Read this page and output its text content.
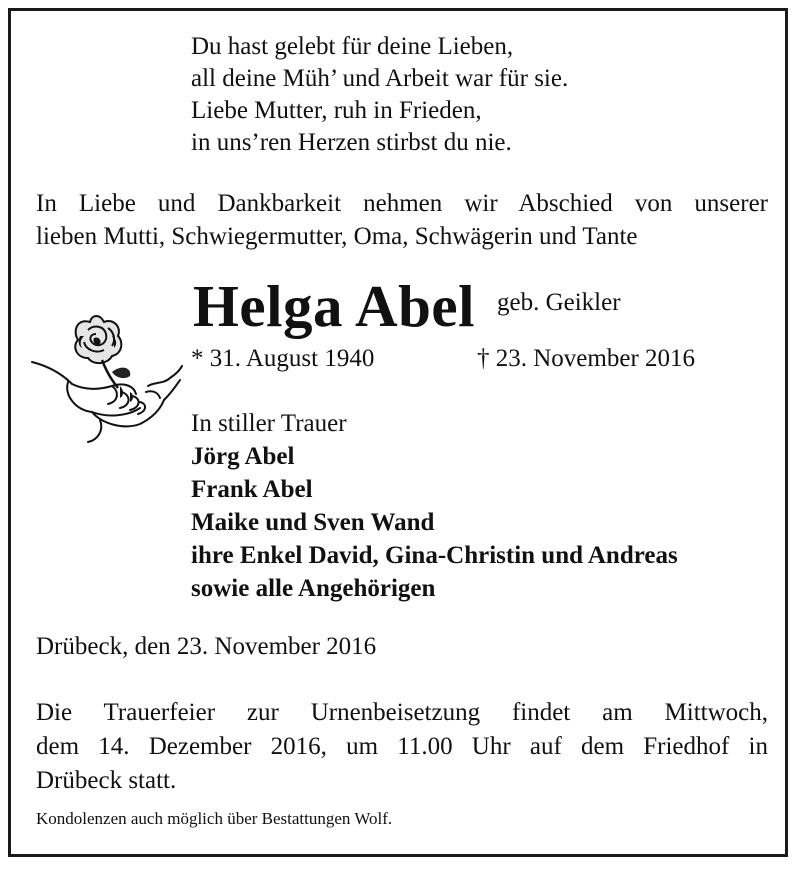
Du hast gelebt für deine Lieben,
all deine Müh’ und Arbeit war für sie.
Liebe Mutter, ruh in Frieden,
in uns’ren Herzen stirbst du nie.
In Liebe und Dankbarkeit nehmen wir Abschied von unserer
lieben Mutti, Schwiegermutter, Oma, Schwägerin und Tante
Helga Abel geb. Geikler
* 31. August 1940	† 23. November 2016
In stiller Trauer
Jörg Abel
Frank Abel
Maike und Sven Wand
ihre Enkel David, Gina-Christin und Andreas
sowie alle Angehörigen
Drübeck, den 23. November 2016
Die Trauerfeier zur Urnenbeisetzung findet am Mittwoch,
dem 14. Dezember 2016, um 11.00 Uhr auf dem Friedhof in
Drübeck statt.
Kondolenzen auch möglich über Bestattungen Wolf.
